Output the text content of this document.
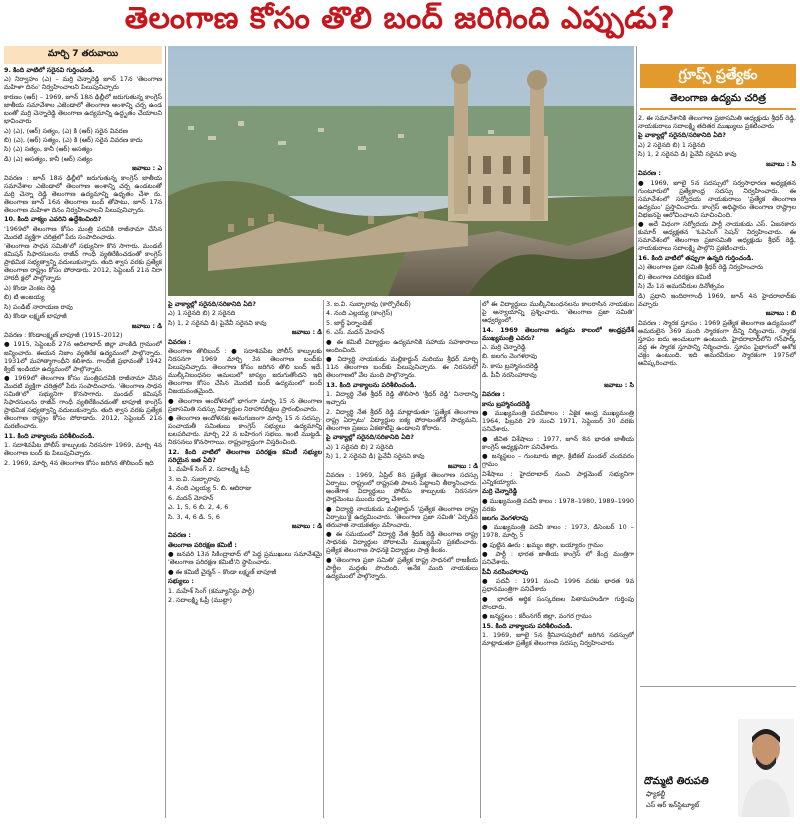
తెలంగాణ కోసం తొలి బంద్ జరిగింది ఎప్పుడు?
మార్చి 7 తరువాయి
గ్రూప్స్ ప్రత్యేకం
తెలంగాణ ఉద్యమ చరిత్ర

9. కింది వాటిలో సరైనవి గుర్తించండి.

ఎ) నిర్వాహం (ఎ) – మర్రి చెన్నారెడ్డి జూన్ 17న 'తెలంగాణ మహిళా దినం' నిర్వహించాలని పిలుపునిచ్చారు

కారణం (ఆర్) – 1969, జూన్ 18న ఢిల్లీలో జరుగుతున్న కాంగ్రెస్ జాతీయ సమావేశాల ఎజెండాలో తెలంగాణ అంశాన్ని చర్చ ఉండ బంతో మర్రి చెన్నారెడ్డి తెలంగాణ ఉద్యమాన్ని ఉద్ధృతం చేయాలని భావించారు

ఎ) (ఎ), (ఆర్) సత్యం, (ఎ) కి (ఆర్) సరైన వివరణ

బి) (ఎ), (ఆర్) సత్యం, (ఎ) కి (ఆర్) సరైన వివరణ కాదు

సి) (ఎ) సత్యం, కానీ (ఆర్) అసత్యం

డి) (ఎ) అసత్యం, కానీ (ఆర్) సత్యం

జవాబు : ఎ

వివరణ : జూన్ 18న ఢిల్లీలో జరుగుతున్న కాంగ్రెస్ జాతీయ సమావేశాల ఎజెండాలో తెలంగాణ అంశాన్ని చర్చ ఉండటంతో మర్రి చెన్నా రెడ్డి తెలంగాణ ఉద్యమాన్ని ఉధృతం చేశా రు. తెలంగాణ జూన్ 16న తెలంగాణ బంద్ తోపాటు, జూన్ 17న తెలంగాణ మహిళా దినం నిర్వహించాలని పిలుపునిచ్చారు.

10. కింది వాక్యం ఎవరిని ఉద్దేశించింది?

'1969లో తెలంగాణ కోసం మంత్రి పదవికి రాజీనామా చేసిన మొదటి వ్యక్తిగా చరిత్రలో పేరు సంపాదించాడు.

'తెలంగాణ సాధన సమితి'లో సభ్యునిగా కొన సాగారు. మండల్ కమిషన్ సిఫారసులను రాజీవ్ గాంధీ వ్యతిరేకించడంతో కాంగ్రెస్ ప్రాథమిక సభ్యత్వాన్ని వదులుకున్నారు. తుది శ్వాస వరకు ప్రత్యేక తెలంగాణ రాష్ట్రం కోసం పోరాడారు. 2012, సెప్టెంబర్ 21న నిరా హారదీ క్షలో పాల్గొన్నారు

ఎ) కొండా వెంకట రెడ్డి

బి) టి అంజయ్య

సి) పండిట్ నారాయణ రావు

డి) కొండా లక్ష్మణ్ బాపూజీ

జవాబు : డి

వివరణ : కొండాలక్ష్మణ్ బాపూజీ (1915–2012)

● 1915, సెప్టెంబర్ 27న ఆదిలాబాద్ జిల్లా వాంకిడి గ్రామంలో జన్మించారు. ఈయన నిజాం వ్యతిరేక ఉద్యమంలో పాల్గొన్నారు. 1931లో మహాత్మాగాంధీని కలిశారు. గాంధీజీ ప్రభావంతో 1942 క్విట్ ఇండియా ఉద్యమంలో పాల్గొన్నారు.

● 1969లో తెలంగాణ కోసం మంత్రిపదవికి రాజీనామా చేసిన మొదటి వ్యక్తిగా చరిత్రలో పేరు సంపాదించారు. 'తెలంగాణ సాధన సమితి'లో సభ్యునిగా కొనసాగారు. మండల్ కమిషన్ సిఫారసులను రాజీవ్ గాంధీ వ్యతిరేకించడంతో బాపూజీ కాంగ్రెస్ ప్రాథమిక సభ్యత్వాన్ని వదులుకున్నారు. తుది శ్వాస వరకు ప్రత్యేక తెలంగాణ రాష్ట్రం కోసం పోరాడారు. 2012, సెప్టెంబర్ 21న మరణించారు.

11. కింది వాక్యాలను పరిశీలించండి.

1. సదాశివపేట పోలీస్ కాల్పులకు నిరసనగా 1969, మార్చి 4న తెలంగాణ బంద్ కు పిలుపునిచ్చారు.

2. 1969, మార్చి 4న తెలంగాణ కోసం జరిగిన తొలిబంద్ ఇది

పై వాక్యాల్లో సరైనది/సరికానిది ఏది?

ఎ) 1 సరైనది బి) 2 సరైనది

సి) 1, 2 సరైనవి డి) పైవేవీ సరైనవి కావు

జవాబు : డి

వివరణ :

తెలంగాణ తొలిబంద్ : ● సదాశివపేట పోలీస్ కాల్పులకు నిరసనగా 1969 మార్చి 3న తెలంగాణ బంద్‌కు పిలుపునిచ్చారు. తెలంగాణ కోసం జరిగిన తొలి బంద్ ఇదే. ముల్కీనిబంధనల అమలులో జాప్యం జరుగుతోందని ఇది తెలంగాణ కోసం చేసిన మొదటి బంద్ ఉద్యమంలో బంద్ విజయవంతమైంది.

● తెలంగాణ ఆందోళనలో భాగంగా మార్చి 15 న తెలంగాణ ప్రజాసమితి సదస్సు విద్యార్థుల నిరాహారదీక్షలు ప్రారంభించారు.

● తెలంగాణ ఆందోళనకు అనుగుణంగా మార్చి 15 న సదస్సు. పంచాయతీ సమితులు కాంగ్రెస్ సభ్యులు ఉద్యమాన్ని బలపరిచారు. మార్చి 22 న బహిరంగ సభలు. ఇంటి ముట్టడి. నిరసనలు కొనసాగాయి. రాష్ట్రవ్యాప్తంగా విస్తరించింది.

12. కింది వాటిలో తెలంగాణ పరిరక్షణ కమిటీ సభ్యుల సరియైన జత ఏది?

1. మహేశ్ సింగ్ 2. సదాలక్ష్మి ఓప్రీ

3. ఐ.వి. సుబ్బారావు

4. నంది ఎల్లయ్య 5. బి. ఆదిరాజు

6. మదన్ మోహన్

ఎ. 1, 5, 6 బి. 2, 4, 6

సి. 3, 4, 6 డి. 5, 6

జవాబు : డి

వివరణ :

తెలంగాణ పరిరక్షణ కమిటీ :

● జనవరి 13న సికింద్రాబాద్ లో పెద్ద ప్రముఖులు సమావేశమై 'తెలంగాణ పరిరక్షణ కమిటీ'ని స్థాపించారు.

● ఈ కమిటీ చైర్మన్ – కొండా లక్ష్మణ్ బాపూజీ

సభ్యులు :

1. మహేశ్ సింగ్ (కమ్యూనిస్టు పార్టీ)

2. సదాలక్ష్మి ఓప్రీ (ముట్టా)

3. ఐ.వి. సుబ్బారావు (కార్పొరేటర్)

4. నంది ఎల్లయ్య (కాంగ్రెస్)

5. జార్జ్ ఫెర్నాండెజ్

6. ఎస్. మదన్ మోహన్

● ఈ కమిటీ విద్యార్థుల ఉద్యమానికి సహాయ సహకారాలు అందించింది.

● విద్యార్థి నాయకుడు మల్లికార్జున్ మరియు శ్రీధర్ మార్చి 11న తెలంగాణ బంద్‌కు పిలుపునిచ్చారు. ఈ నిరసనలో తెలంగాణలో వేల మంది పాల్గొన్నారు.

13. కింది వాక్యాలను పరిశీలించండి.

1. విద్యార్థి నేత శ్రీధర్ రెడ్డి తొలిసారి 'శ్రీధర్ రెడ్డి' నినాదాన్ని ఇచ్చారు

2. విద్యార్థి నేత శ్రీధర్ రెడ్డి మాట్లాడుతూ 'ప్రత్యేక తెలంగాణ రాష్ట్ర ఏర్పాటు' విద్యార్థుల ఐక్య పోరాటంతోనే సాధ్యమని, తెలంగాణ ప్రజలు ఏకతాటిపై ఉండాలని కోరారు.

పై వాక్యాల్లో సరైనది/సరికానిది ఏది?

ఎ) 1 సరైనది బి) 2 సరైనది

సి) 1, 2 సరైనవి డి) పైవేవీ సరైనవి కావు

జవాబు : డి

వివరణ : 1969, ఏప్రిల్ 8న ప్రత్యేక తెలంగాణ సదస్సు ఏర్పాటు. రాష్ట్రంలో రాష్ట్రపతి పాలన పెట్టాలని తీర్మానించారు. అంతేగాక విద్యార్థులు పోలీసు కాల్పులకు నిరసనగా పార్లమెంటు ముందు ధర్నా చేశారు.

● విద్యార్థి నాయకుడు మల్లికార్జున్ 'ప్రత్యేక తెలంగాణ రాష్ట్ర ఏర్పాటు'కై ఉద్యమించారు. 'తెలంగాణ ప్రజా సమితి' ఏర్పడిన తరువాత నాయకత్వం వహించారు.

● ఈ సమయంలో విద్యార్థి నేత శ్రీధర్ రెడ్డి తెలంగాణ రాష్ట్ర సాధనకు విద్యార్థుల పోరాటమే ముఖ్యమని ప్రకటించారు. ప్రత్యేక తెలంగాణ సాధనకై విద్యార్థుల పాత్ర కీలకం.

● 'తెలంగాణ ప్రజా సమితి' ప్రత్యేక రాష్ట్ర సాధనలో రాజకీయ పార్టీల మద్దతు పొందింది. అనేక మంది నాయకులు ఉద్యమంలో పాల్గొన్నారు.

లో ఈ విద్యార్థులు ముల్కీనిబంధనలను కాలరాసిన నాయకుల పై అన్యాయాన్ని ప్రశ్నించారు. 'తెలంగాణ ప్రజా సమితి' ఆధ్వర్యంలో.

14. 1969 తెలంగాణ ఉద్యమ కాలంలో ఆంధ్రప్రదేశ్ ముఖ్యమంత్రి ఎవరు?

ఎ. మర్రి చెన్నారెడ్డి

బి. జలగం వెంగళరావు

సి. కాసు బ్రహ్మానందరెడ్డి

డి. పీవీ నరసింహారావు

జవాబు : సి

వివరణ :

కాసు బ్రహ్మానందరెడ్డి

● ముఖ్యమంత్రి పదవీకాలం : ఏకైక ఆంధ్ర ముఖ్యమంత్రి 1964, ఫిబ్రవరి 29 నుంచి 1971, సెప్టెంబర్ 30 వరకు పనిచేశారు.

● జీవిత విశేషాలు : 1977, జూన్ 8న భారత జాతీయ కాంగ్రెస్ అధ్యక్షునిగా పనిచేశారు.

● జన్మస్థలం – గుంటూరు జిల్లా, క్రిటికల్ మండల్ చందవరం గ్రామం

విశేషాలు : హైదరాబాద్ నుంచి పార్లమెంట్ సభ్యునిగా ఎన్నికయ్యారు.

మర్రి చెన్నారెడ్డి

● ముఖ్యమంత్రి పదవీ కాలం : 1978–1980, 1989–1990 వరకు

జలగం వెంగళరావు

● ముఖ్యమంత్రి పదవీ కాలం : 1973, డిసెంబర్ 10 – 1978, మార్చి 5

● పుట్టిన ఊరు : ఖమ్మం జిల్లా, బయ్యారం గ్రామం

● పార్టీ : భారత జాతీయ కాంగ్రెస్ లో కేంద్ర మంత్రిగా పనిచేశారు.

పీవీ నరసింహారావు

● పదవీ : 1991 నుంచి 1996 వరకు భారత 9వ ప్రధానమంత్రిగా పనిచేశారు

● భారత ఆర్థిక సంస్కరణల పితామహుడిగా గుర్తింపు పొందారు.

● జన్మస్థలం : కరీంనగర్ జిల్లా, వంగర గ్రామం

15. కింది వాక్యాలను పరిశీలించండి.

1. 1969, జూలై 5న శ్రీనివాసపురిలో జరిగిన సదస్సులో మాట్లాడుతూ ప్రత్యేక తెలంగాణ సదస్సు నిర్వహించారు

2. ఈ సమావేశానికి తెలంగాణ ప్రజాసమితి అధ్యక్షుడు శ్రీధర్ రెడ్డి, నాయకురాలు సదాలక్ష్మి తదితర ముఖ్యులు ప్రకటించారు

పై వాక్యాల్లో సరైనది/సరికానిది ఏది?

ఎ) 2 సరైనది బి) 1 సరైనది

సి) 1, 2 సరైనవి డి) పైవేవీ సరైనవి కావు

జవాబు : సి

వివరణ :

● 1969, జూలై 5న సదస్సులో సర్వసాధారణ అధ్యక్షతన గుంటూరులో ప్రత్యేకాంధ్ర సదస్సు నిర్వహించారు. ఈ సమావేశంలో సర్వోదయ నాయకురాలు 'ప్రత్యేక తెలంగాణ ఉద్యమం' ప్రస్తావించారు. కాంగ్రెస్ అధిష్ఠానం తెలంగాణ రాష్ట్రాల విభజనపై ఆలోచించాలని సూచించింది.

● అదే విధంగా సర్వోదయ పార్టీ నాయకుడు ఎస్. ఏజనకారు కుమార్ అధ్యక్షతన 'ఓపెనింగ్ సెషన్' నిర్వహించారు. ఈ సమావేశంలో తెలంగాణ ప్రజాసమితి అధ్యక్షుడు శ్రీధర్ రెడ్డి, నాయకురాలు సదాలక్ష్మి పాల్గొని ప్రకటించారు.

16. కింది వాటిలో తప్పుగా ఉన్నది గుర్తించండి.

ఎ) తెలంగాణ ప్రజా సమితి శ్రీధర్ రెడ్డి నిర్వహించారు

బి) తెలంగాణ పరిరక్షణ కమిటీ

సి) మే 1న అమరవీరుల దినోత్సవం

డి) ప్రధాని ఇందిరాగాంధీ 1969, జూన్ 4న హైదరాబాద్‌కు వచ్చారు

జవాబు : బి

వివరణ : స్మారక స్తూపం : 1969 ప్రత్యేక తెలంగాణ ఉద్యమంలో అమరులైన 369 మంది స్మారకంగా దీన్ని నిర్మించారు. స్మారక స్తూపం ఐదు అంచులుగా ఉంటుంది. హైదరాబాద్‌లోని గన్‌పార్క్ వద్ద ఈ స్మారక స్తూపాన్ని నిర్మించారు. స్తూపం పైభాగంలో అశోక చక్రం ఉంటుంది. ఇది అమరవీరుల స్మారకంగా 1975లో ఆవిష్కరించారు.

దొమ్మటి తిరుపతి
ఫ్యాకల్టీ
ఎస్ ఆర్ ఇన్‌స్టిట్యూట్
